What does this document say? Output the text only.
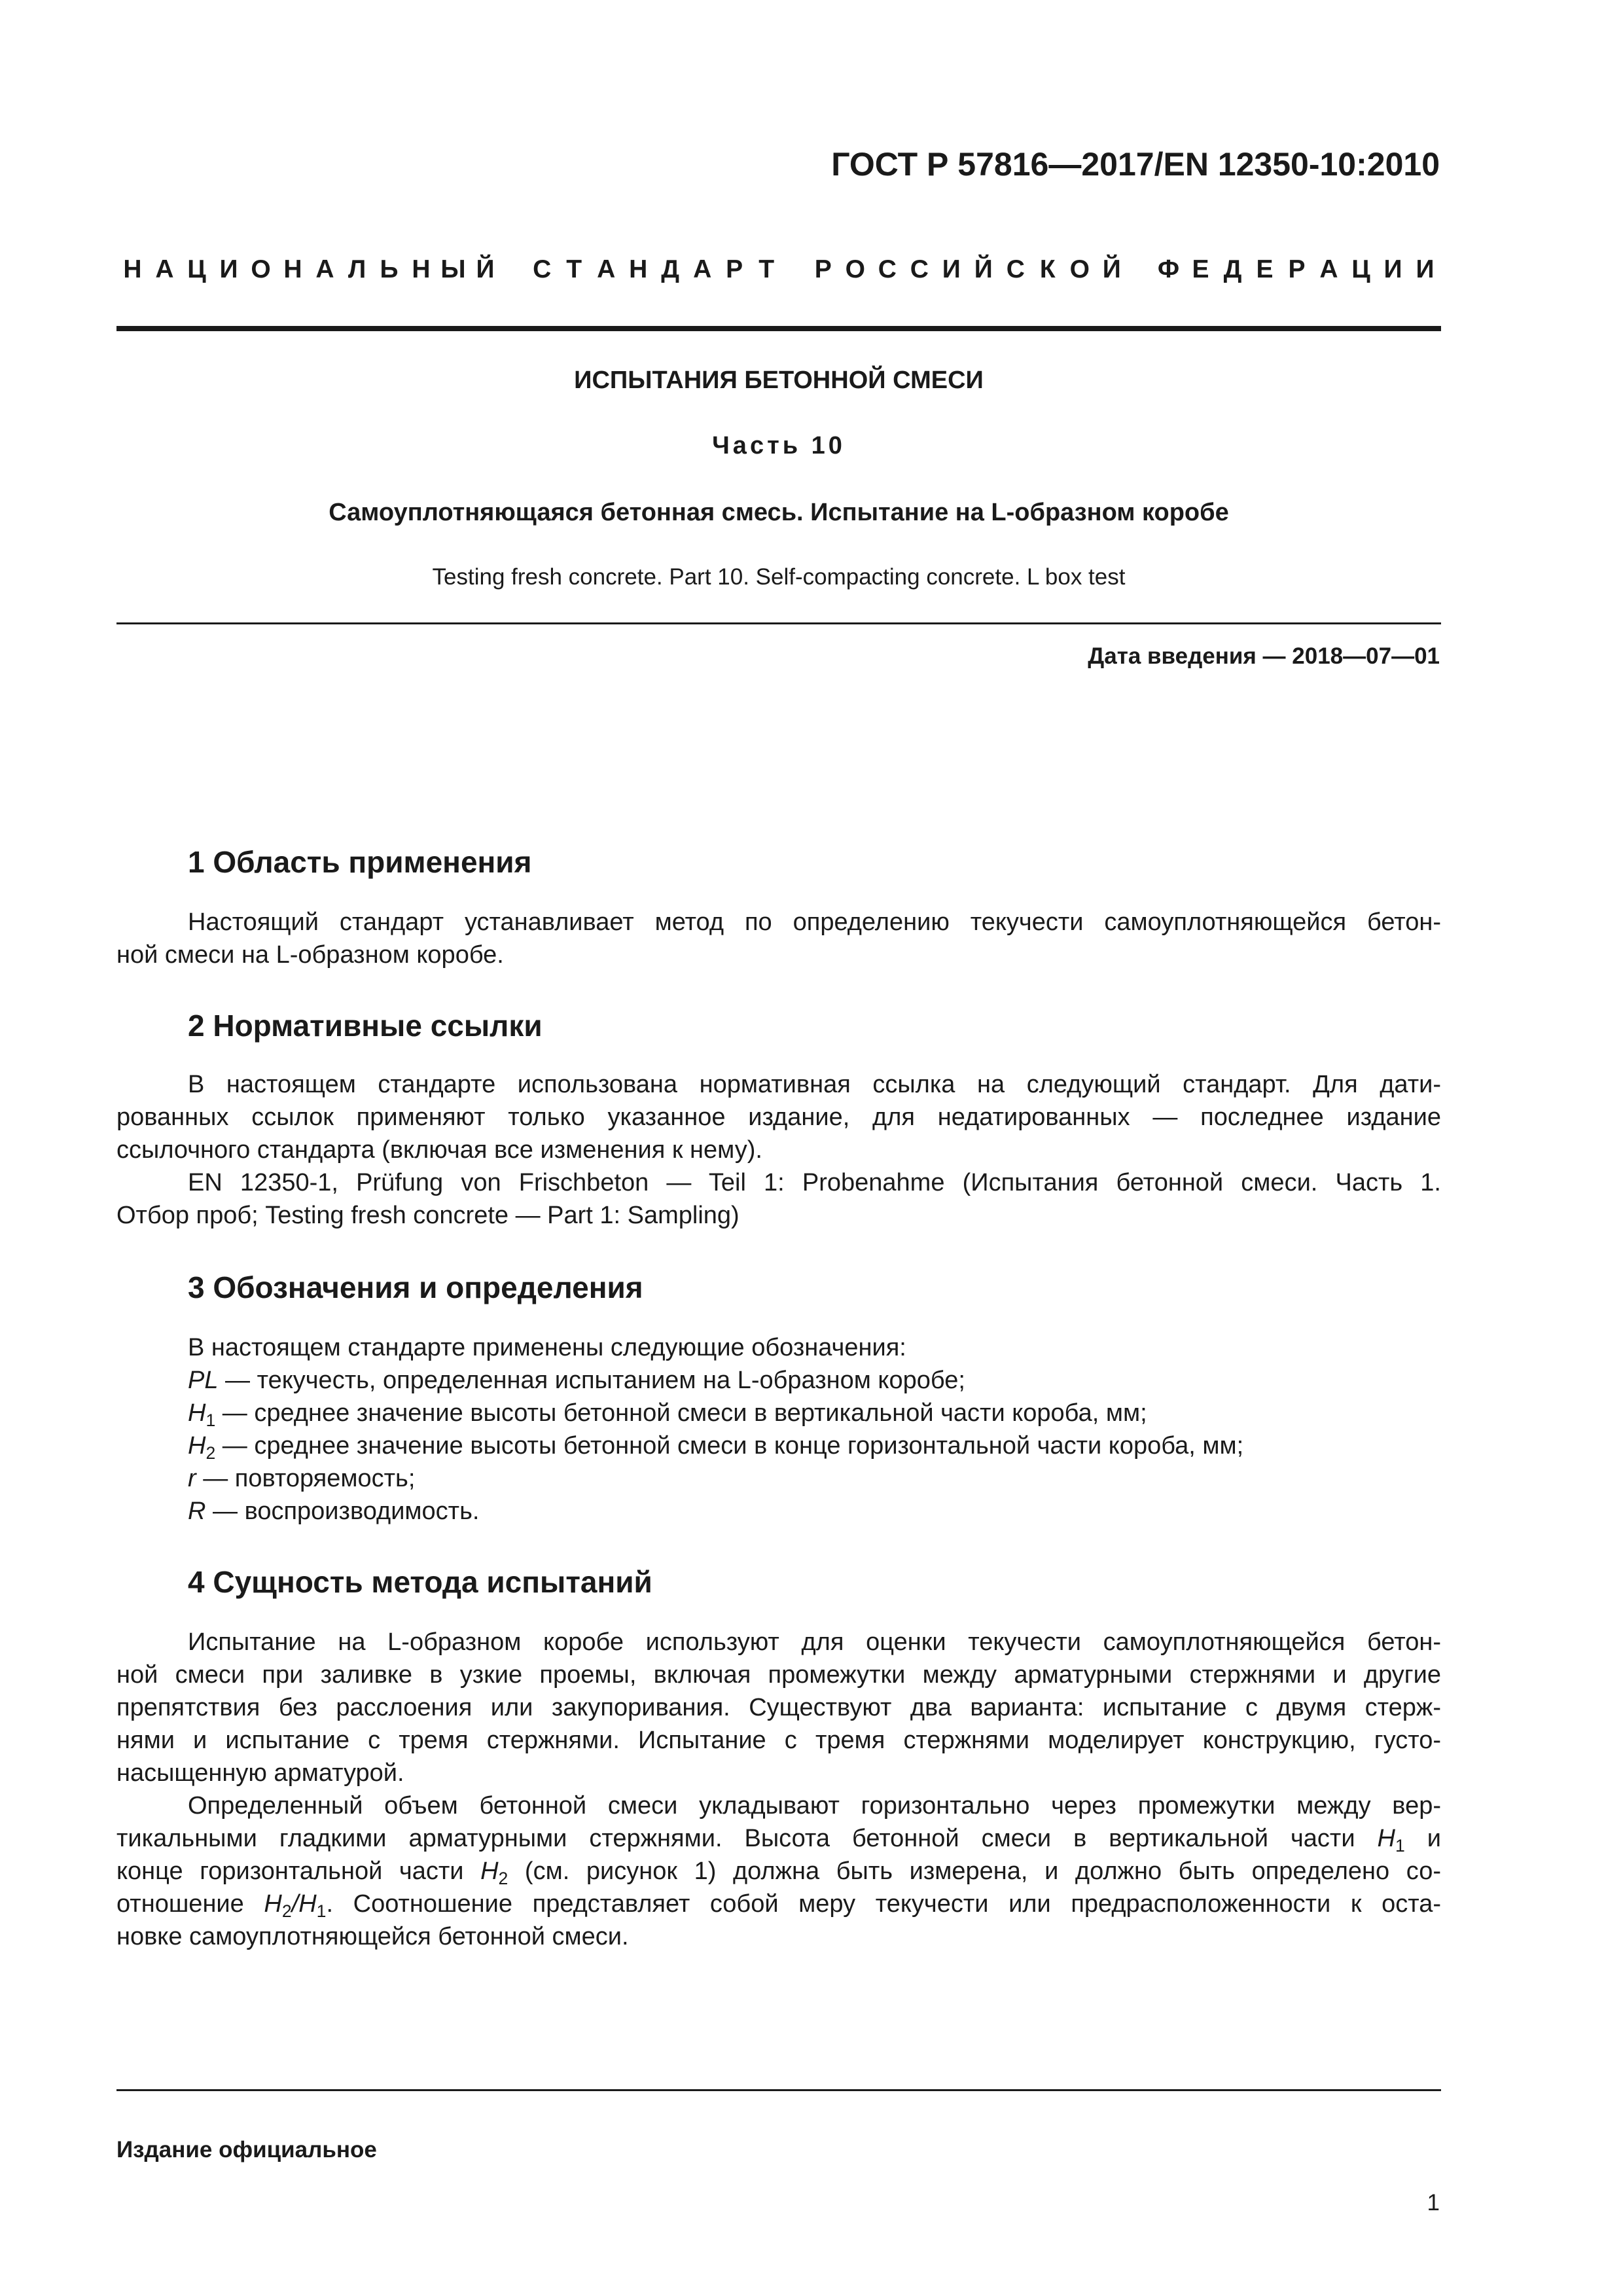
ГОСТ Р 57816—2017/EN 12350-10:2010
Н А Ц И О Н А Л Ь Н Ы Й С Т А Н Д А Р Т	Р О С С И Й С К О Й Ф Е Д Е Р А Ц И И
ИСПЫТАНИЯ БЕТОННОЙ СМЕСИ
Часть 10
Самоуплотняющаяся бетонная смесь. Испытание на L-образном коробе
Testing fresh concrete. Part 10. Self-compacting concrete. L box test
Дата введения — 2018—07—01
1 Область применения
Настоящий стандарт устанавливает метод по определению текучести самоуплотняющейся бетон-
ной смеси на L-образном коробе.
2 Нормативные ссылки
В настоящем стандарте использована нормативная ссылка на следующий стандарт. Для дати-
рованных ссылок применяют только указанное издание, для недатированных — последнее издание
ссылочного стандарта (включая все изменения к нему).
EN 12350-1, Prüfung von Frischbeton — Teil 1: Probenahme (Испытания бетонной смеси. Часть 1.
Отбор проб; Testing fresh concrete — Part 1: Sampling)
3 Обозначения и определения
В настоящем стандарте применены следующие обозначения:
PL — текучесть, определенная испытанием на L-образном коробе;
$H_1$ — среднее значение высоты бетонной смеси в вертикальной части короба, мм;
$H_2$ — среднее значение высоты бетонной смеси в конце горизонтальной части короба, мм;
r — повторяемость;
R — воспроизводимость.
4 Сущность метода испытаний
Испытание на L-образном коробе используют для оценки текучести самоуплотняющейся бетон-
ной смеси при заливке в узкие проемы, включая промежутки между арматурными стержнями и другие
препятствия без расслоения или закупоривания. Существуют два варианта: испытание с двумя стерж-
нями и испытание с тремя стержнями. Испытание с тремя стержнями моделирует конструкцию, густо-
насыщенную арматурой.
Определенный объем бетонной смеси укладывают горизонтально через промежутки между вер-
тикальными гладкими арматурными стержнями. Высота бетонной смеси в вертикальной части $H_1$ и
конце горизонтальной части $H_2$ (см. рисунок 1) должна быть измерена, и должно быть определено со-
отношение $H_2/H_1$. Соотношение представляет собой меру текучести или предрасположенности к оста-
новке самоуплотняющейся бетонной смеси.
Издание официальное
1
